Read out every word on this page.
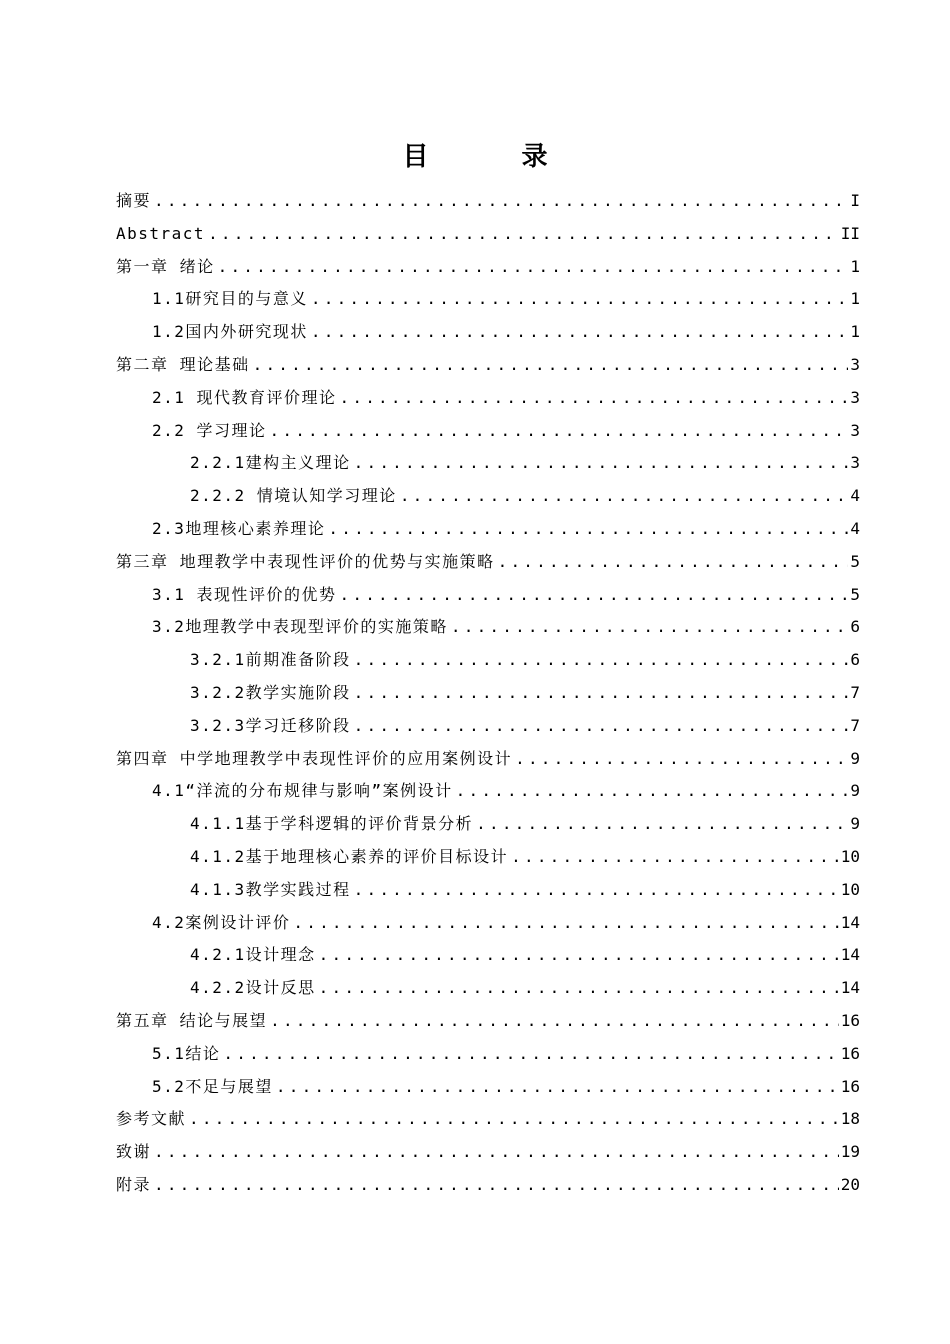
目 录
摘要 .....	I
Abstract .....	II
第一章 绪论 .....	1
1.1研究目的与意义 .....	1
1.2国内外研究现状 .....	1
第二章 理论基础 .....	3
2.1 现代教育评价理论 .....	3
2.2 学习理论 .....	3
2.2.1建构主义理论 .....	3
2.2.2 情境认知学习理论 .....	4
2.3地理核心素养理论 .....	4
第三章 地理教学中表现性评价的优势与实施策略 .....	5
3.1 表现性评价的优势 .....	5
3.2地理教学中表现型评价的实施策略 .....	6
3.2.1前期准备阶段 .....	6
3.2.2教学实施阶段 .....	7
3.2.3学习迁移阶段 .....	7
第四章 中学地理教学中表现性评价的应用案例设计 .....	9
4.1“洋流的分布规律与影响”案例设计 .....	9
4.1.1基于学科逻辑的评价背景分析 .....	9
4.1.2基于地理核心素养的评价目标设计 .....	10
4.1.3教学实践过程 .....	10
4.2案例设计评价 .....	14
4.2.1设计理念 .....	14
4.2.2设计反思 .....	14
第五章 结论与展望 .....	16
5.1结论 .....	16
5.2不足与展望 .....	16
参考文献 .....	18
致谢 .....	19
附录 .....	20
